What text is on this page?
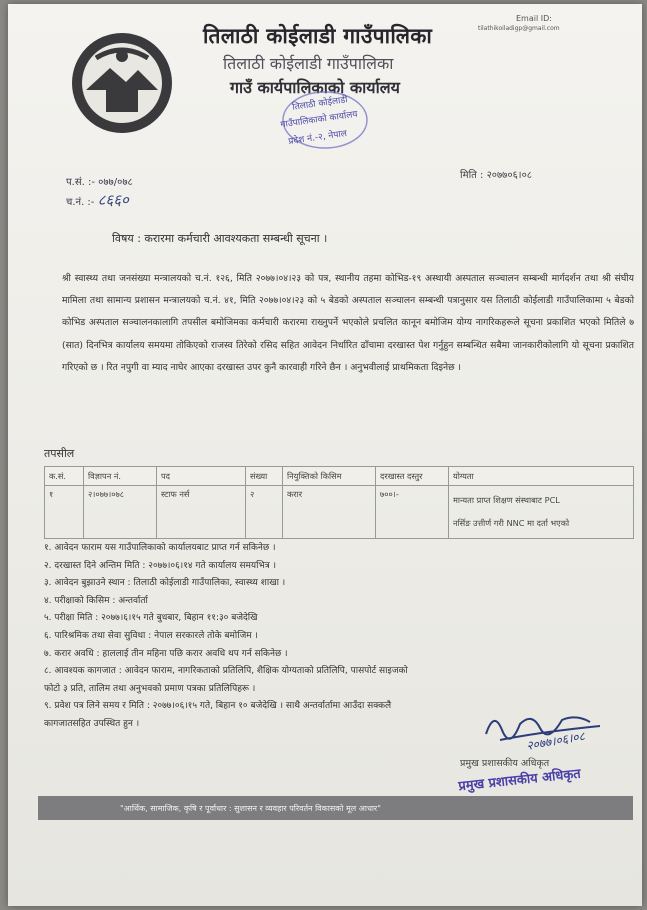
Email ID:
tilathikoiladigp@gmail.com
तिलाठी कोईलाडी गाउँपालिका
तिलाठी कोईलाडी गाउँपालिका
गाउँ कार्यपालिकाको कार्यालय
तिलाठी कोईलाडी
गाउँपालिकाको कार्यालय
प्रदेश नं.-२, नेपाल
प.सं. :- ०७७/०७८
च.नं. :- ८६६०
मिति : २०७७०६।०८
विषय : करारमा कर्मचारी आवश्यकता सम्बन्धी सूचना ।
श्री स्वास्थ्य तथा जनसंख्या मन्त्रालयको च.नं. १२६, मिति २०७७।०४।२३ को पत्र, स्थानीय तहमा कोभिड-१९ अस्थायी अस्पताल सञ्चालन सम्बन्धी मार्गदर्शन तथा श्री संघीय मामिला तथा सामान्य प्रशासन मन्त्रालयको च.नं. ४१, मिति २०७७।०४।२३ को ५ बेडको अस्पताल सञ्चालन सम्बन्धी पत्रानुसार यस तिलाठी कोईलाडी गाउँपालिकामा ५ बेडको कोभिड अस्पताल सञ्चालनकालागि तपसील बमोजिमका कर्मचारी करारमा राख्नुपर्ने भएकोले प्रचलित कानून बमोजिम योग्य नागरिकहरूले सूचना प्रकाशित भएको मितिले ७ (सात) दिनभित्र कार्यालय समयमा तोकिएको राजस्व तिरेको रसिद सहित आवेदन निर्धारित ढाँचामा दरखास्त पेश गर्नुहुन सम्बन्धित सबैमा जानकारीकोलागि यो सूचना प्रकाशित गरिएको छ । रित नपुगी वा म्याद नाघेर आएका दरखास्त उपर कुनै कारवाही गरिने छैन । अनुभवीलाई प्राथमिकता दिइनेछ ।
तपसील
क.सं.	विज्ञापन नं.	पद	संख्या	नियुक्तिको किसिम	दरखास्त दस्तुर	योग्यता
१	२।०७७।०७८	स्टाफ नर्स	२	करार	७००।-	मान्यता प्राप्त शिक्षण संस्थाबाट PCL
नर्सिङ उत्तीर्ण गरी NNC मा दर्ता भएको
१. आवेदन फाराम यस गाउँपालिकाको कार्यालयबाट प्राप्त गर्न सकिनेछ ।
२. दरखास्त दिने अन्तिम मिति : २०७७।०६।१४ गते कार्यालय समयभित्र ।
३. आवेदन बुझाउने स्थान : तिलाठी कोईलाडी गाउँपालिका, स्वास्थ्य शाखा ।
४. परीक्षाको किसिम : अन्तर्वार्ता
५. परीक्षा मिति : २०७७।६।१५ गते बुधबार, बिहान ११:३० बजेदेखि
६. पारिश्रमिक तथा सेवा सुविधा : नेपाल सरकारले तोके बमोजिम ।
७. करार अवधि : हाललाई तीन महिना पछि करार अवधि थप गर्न सकिनेछ ।
८. आवश्यक कागजात : आवेदन फाराम, नागरिकताको प्रतिलिपि, शैक्षिक योग्यताको प्रतिलिपि, पासपोर्ट साइजको
फोटो ३ प्रति, तालिम तथा अनुभवको प्रमाण पत्रका प्रतिलिपिहरू ।
९. प्रवेश पत्र लिने समय र मिति : २०७७।०६।१५ गते, बिहान १० बजेदेखि । साथै अन्तर्वार्तामा आउँदा सक्कलै
कागजातसहित उपस्थित हुन ।
२०७७।०६।०८
प्रमुख प्रशासकीय अधिकृत
प्रमुख प्रशासकीय अधिकृत
"आर्थिक, सामाजिक, कृषि र पूर्वाधार : सुशासन र व्यवहार परिवर्तन विकासको मूल आधार"
